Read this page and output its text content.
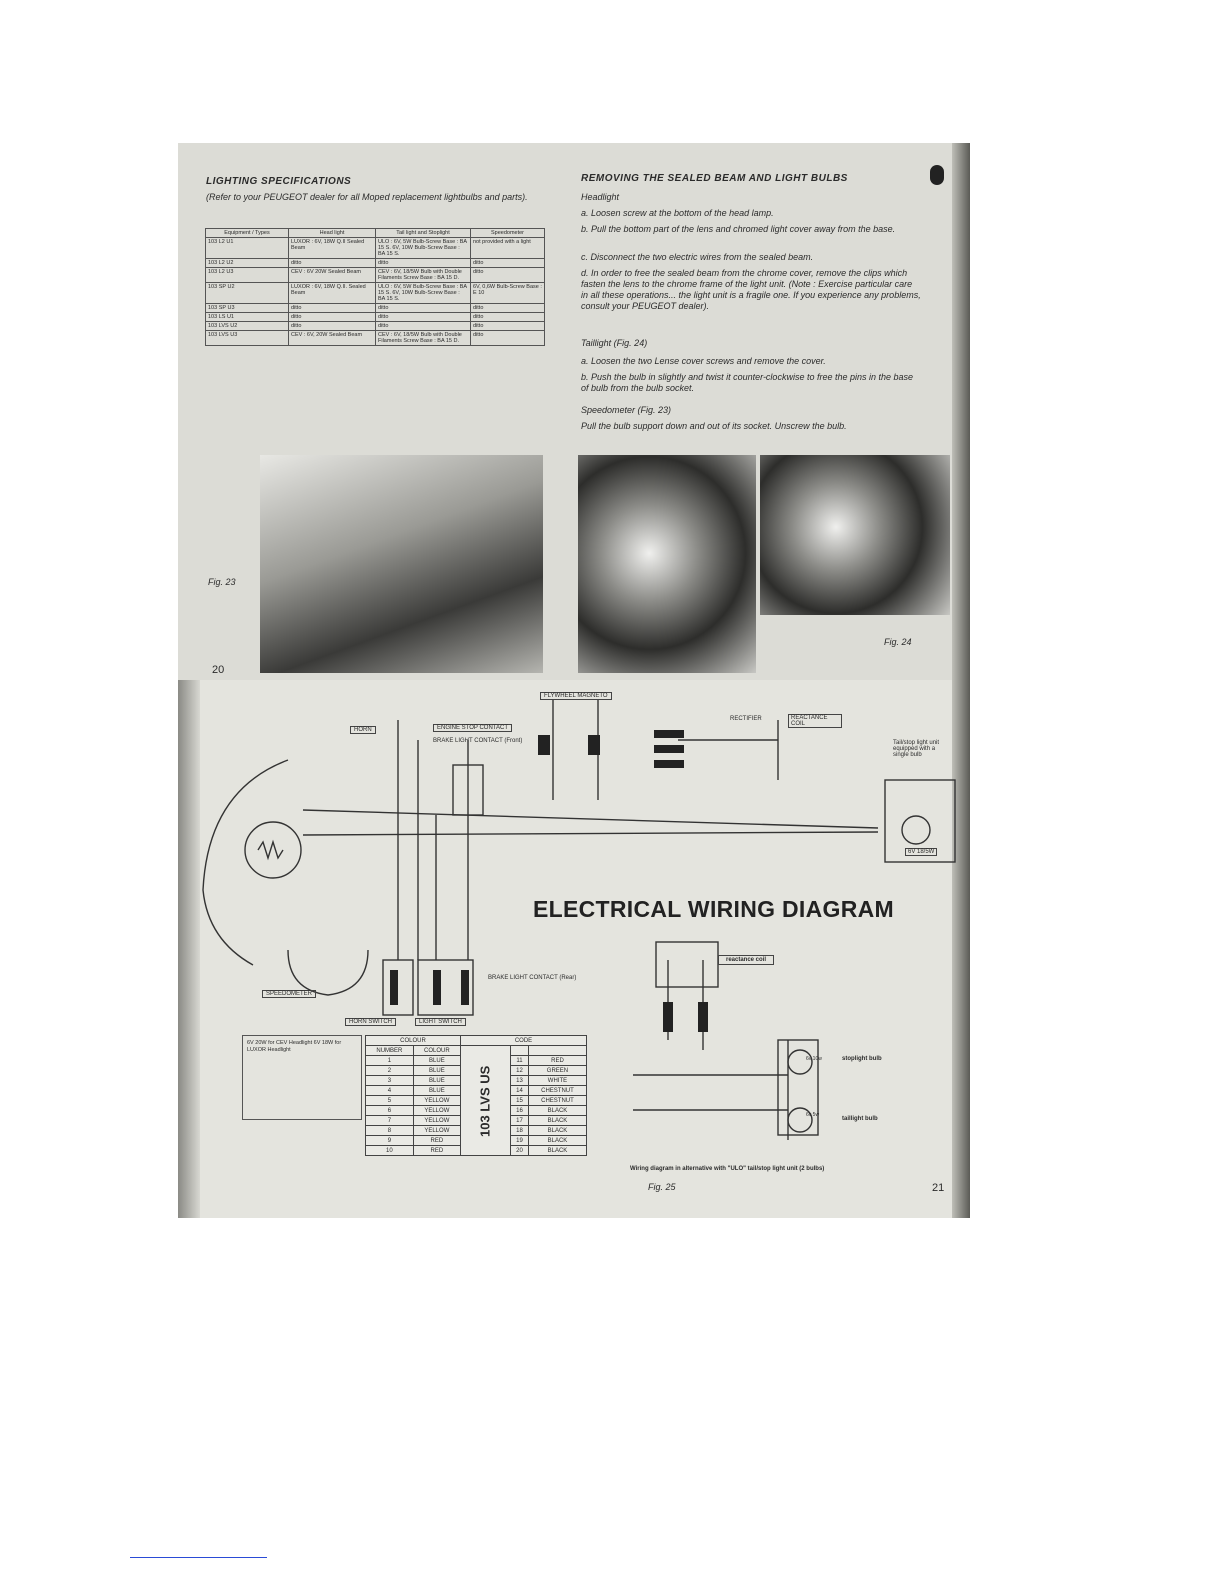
LIGHTING SPECIFICATIONS
(Refer to your PEUGEOT dealer for all Moped replacement lightbulbs and parts).
Equipment / Types	Head light	Tail light and Stoplight	Speedometer
103 L2 U1	LUXOR : 6V, 18W Q.II Sealed Beam	ULO : 6V, 5W Bulb-Screw Base : BA 15 S. 6V, 10W Bulb-Screw Base : BA 15 S.	not provided with a light
103 L2 U2	ditto	ditto	ditto
103 L2 U3	CEV : 6V 20W Sealed Beam	CEV : 6V, 18/5W Bulb with Double Filaments Screw Base : BA 15 D.	ditto
103 SP U2	LUXOR : 6V, 18W Q.II. Sealed Beam	ULO : 6V, 5W Bulb-Screw Base : BA 15 S. 6V, 10W Bulb-Screw Base : BA 15 S.	6V, 0,6W Bulb-Screw Base : E 10
103 SP U3	ditto	ditto	ditto
103 LS U1	ditto	ditto	ditto
103 LVS U2	ditto	ditto	ditto
103 LVS U3	CEV : 6V, 20W Sealed Beam	CEV : 6V, 18/5W Bulb with Double Filaments Screw Base : BA 15 D.	ditto
Fig. 23
20
REMOVING THE SEALED BEAM AND LIGHT BULBS
Headlight
a. Loosen screw at the bottom of the head lamp.
b. Pull the bottom part of the lens and chromed light cover away from the base.
c. Disconnect the two electric wires from the sealed beam.
d. In order to free the sealed beam from the chrome cover, remove the clips which fasten the lens to the chrome frame of the light unit. (Note : Exercise particular care in all these operations... the light unit is a fragile one. If you experience any problems, consult your PEUGEOT dealer).
Taillight (Fig. 24)
a. Loosen the two Lense cover screws and remove the cover.
b. Push the bulb in slightly and twist it counter-clockwise to free the pins in the base of bulb from the bulb socket.
Speedometer (Fig. 23)
Pull the bulb support down and out of its socket. Unscrew the bulb.
Fig. 24
FLYWHEEL MAGNETO
ENGINE STOP CONTACT
BRAKE LIGHT CONTACT (Front)
HORN
REACTANCE COIL
RECTIFIER
SPEEDOMETER
HORN SWITCH	LIGHT SWITCH
BRAKE LIGHT CONTACT (Rear)
Tail/stop light unit equipped with a single bulb
6V 18/5W
ELECTRICAL WIRING DIAGRAM
reactance coil
stoplight bulb
taillight bulb
6v 10w
6v 5w
6V 20W for CEV Headlight 6V 18W for LUXOR Headlight
COLOUR		CODE		
NUMBER	COLOUR	103 LVS US		
1	BLUE		11	RED
2	BLUE		12	GREEN
3	BLUE		13	WHITE
4	BLUE		14	CHESTNUT
5	YELLOW		15	CHESTNUT
6	YELLOW		16	BLACK
7	YELLOW		17	BLACK
8	YELLOW		18	BLACK
9	RED		19	BLACK
10	RED		20	BLACK
Wiring diagram in alternative with "ULO" tail/stop light unit (2 bulbs)
Fig. 25	21
